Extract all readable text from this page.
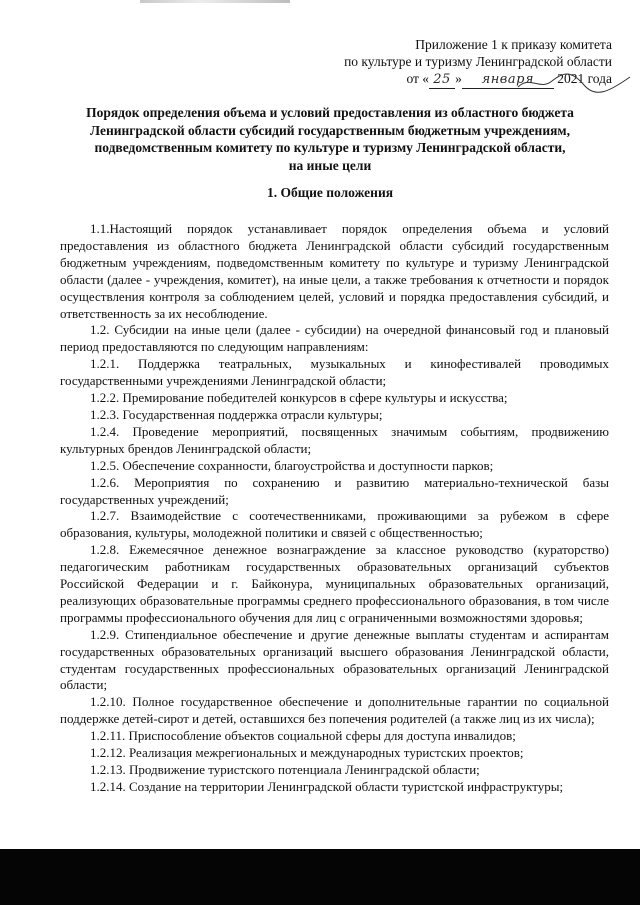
Приложение 1 к приказу комитета
по культуре и туризму Ленинградской области
от « 25 » января 2021 года
Порядок определения объема и условий предоставления из областного бюджета
Ленинградской области субсидий государственным бюджетным учреждениям,
подведомственным комитету по культуре и туризму Ленинградской области,
на иные цели
1. Общие положения

1.1.Настоящий порядок устанавливает порядок определения объема и условий предоставления из областного бюджета Ленинградской области субсидий государственным бюджетным учреждениям, подведомственным комитету по культуре и туризму Ленинградской области (далее - учреждения, комитет), на иные цели, а также требования к отчетности и порядок осуществления контроля за соблюдением целей, условий и порядка предоставления субсидий, и ответственность за их несоблюдение.

1.2. Субсидии на иные цели (далее - субсидии) на очередной финансовый год и плановый период предоставляются по следующим направлениям:

1.2.1. Поддержка театральных, музыкальных и кинофестивалей проводимых государственными учреждениями Ленинградской области;

1.2.2. Премирование победителей конкурсов в сфере культуры и искусства;

1.2.3. Государственная поддержка отрасли культуры;

1.2.4. Проведение мероприятий, посвященных значимым событиям, продвижению культурных брендов Ленинградской области;

1.2.5. Обеспечение сохранности, благоустройства и доступности парков;

1.2.6. Мероприятия по сохранению и развитию материально-технической базы государственных учреждений;

1.2.7. Взаимодействие с соотечественниками, проживающими за рубежом в сфере образования, культуры, молодежной политики и связей с общественностью;

1.2.8. Ежемесячное денежное вознаграждение за классное руководство (кураторство) педагогическим работникам государственных образовательных организаций субъектов Российской Федерации и г. Байконура, муниципальных образовательных организаций, реализующих образовательные программы среднего профессионального образования, в том числе программы профессионального обучения для лиц с ограниченными возможностями здоровья;

1.2.9. Стипендиальное обеспечение и другие денежные выплаты студентам и аспирантам государственных образовательных организаций высшего образования Ленинградской области, студентам государственных профессиональных образовательных организаций Ленинградской области;

1.2.10. Полное государственное обеспечение и дополнительные гарантии по социальной поддержке детей-сирот и детей, оставшихся без попечения родителей (а также лиц из их числа);

1.2.11. Приспособление объектов социальной сферы для доступа инвалидов;

1.2.12. Реализация межрегиональных и международных туристских проектов;

1.2.13. Продвижение туристского потенциала Ленинградской области;

1.2.14. Создание на территории Ленинградской области туристской инфраструктуры;
